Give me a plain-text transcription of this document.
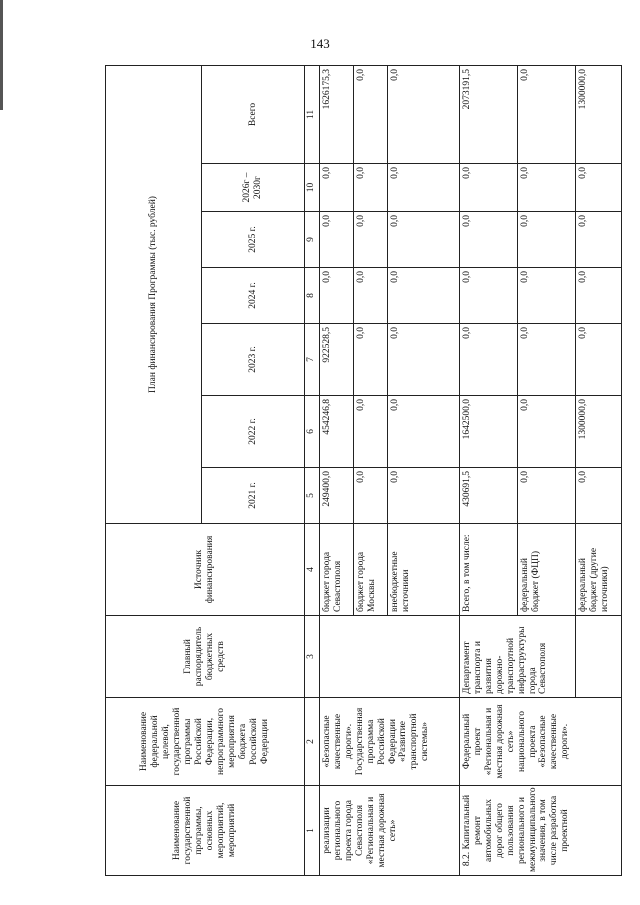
143
Наименование государственной программы, основных мероприятий, мероприятий	Наименование федеральной целевой, государственной программы Российской Федерации, непрограммного мероприятия бюджета Российской Федерации	Главный распорядитель бюджетных средств	Источник финансирования	План финансирования Программы (тыс. рублей)						
				2021 г.	2022 г.	2023 г.	2024 г.	2025 г.	2026г – 2030г	Всего
1	2	3	4	5	6	7	8	9	10	11
реализации регионального проекта города Севастополя «Региональная и местная дорожная сеть»	«Безопасные качественные дороги». Государственная программа Российской Федерации «Развитие транспортной системы»		бюджет города Севастополя	249400,0	454246,8	922528,5	0,0	0,0	0,0	1626175,3
			бюджет города Москвы	0,0	0,0	0,0	0,0	0,0	0,0	0,0
			внебюджетные источники	0,0	0,0	0,0	0,0	0,0	0,0	0,0
8.2. Капитальный ремонт автомобильных дорог общего пользования регионального и межмуниципального значения, в том числе разработка проектной	Федеральный проект «Региональная и местная дорожная сеть» национального проекта «Безопасные качественные дороги».	Департамент транспорта и развития дорожно-транспортной инфраструктуры города Севастополя	Всего, в том числе:	430691,5	1642500,0	0,0	0,0	0,0	0,0	2073191,5
			федеральный бюджет (ФЦП)	0,0	0,0	0,0	0,0	0,0	0,0	0,0
			федеральный бюджет (другие источники)	0,0	1300000,0	0,0	0,0	0,0	0,0	1300000,0
